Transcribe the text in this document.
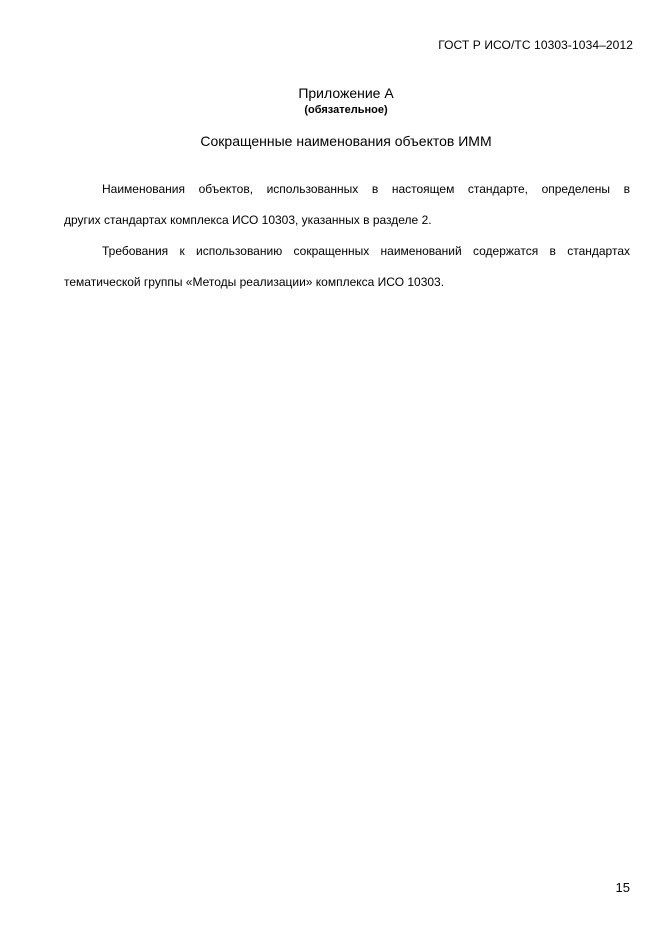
ГОСТ Р ИСО/ТС 10303-1034–2012
Приложение А
(обязательное)
Сокращенные наименования объектов ИММ
Наименования объектов, использованных в настоящем стандарте, определены в
других стандартах комплекса ИСО 10303, указанных в разделе 2.
Требования к использованию сокращенных наименований содержатся в стандартах
тематической группы «Методы реализации» комплекса ИСО 10303.
15
